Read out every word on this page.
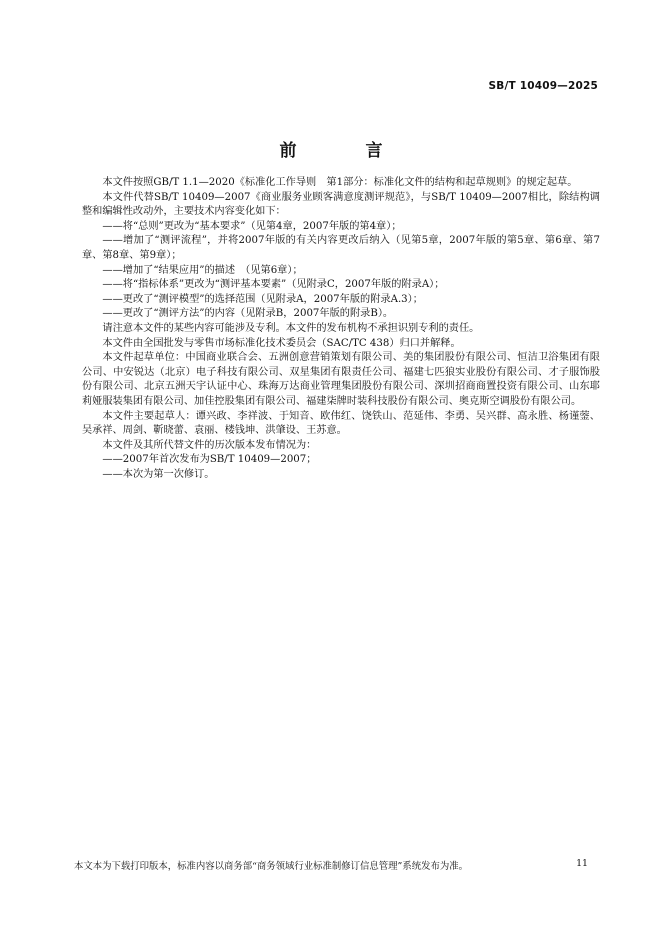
SB/T 10409—2025
前　言

本文件按照GB/T 1.1—2020《标准化工作导则　第1部分：标准化文件的结构和起草规则》的规定起草。

本文件代替SB/T 10409—2007《商业服务业顾客满意度测评规范》，与SB/T 10409—2007相比，除结构调整和编辑性改动外，主要技术内容变化如下：

——将“总则”更改为“基本要求”（见第4章，2007年版的第4章）；

——增加了“测评流程”，并将2007年版的有关内容更改后纳入（见第5章，2007年版的第5章、第6章、第7章、第8章、第9章）；

——增加了“结果应用”的描述　（见第6章）；

——将“指标体系”更改为“测评基本要素”（见附录C，2007年版的附录A）；

——更改了“测评模型”的选择范围（见附录A，2007年版的附录A.3）；

——更改了“测评方法”的内容（见附录B，2007年版的附录B）。

请注意本文件的某些内容可能涉及专利。本文件的发布机构不承担识别专利的责任。

本文件由全国批发与零售市场标准化技术委员会（SAC/TC 438）归口并解释。

本文件起草单位：中国商业联合会、五洲创意营销策划有限公司、美的集团股份有限公司、恒洁卫浴集团有限公司、中安锐达（北京）电子科技有限公司、双星集团有限责任公司、福建七匹狼实业股份有限公司、才子服饰股份有限公司、北京五洲天宇认证中心、珠海万达商业管理集团股份有限公司、深圳招商商置投资有限公司、山东耶莉娅服装集团有限公司、加佳控股集团有限公司、福建柒牌时装科技股份有限公司、奥克斯空调股份有限公司。

本文件主要起草人：谭兴政、李祥波、于知音、欧伟红、饶铁山、范延伟、李勇、吴兴群、高永胜、杨谨蓥、吴承祥、周剑、靳晓蕾、袁丽、楼钱坤、洪肇设、王苏意。

本文件及其所代替文件的历次版本发布情况为：

——2007年首次发布为SB/T 10409—2007；

——本次为第一次修订。

本文本为下载打印版本，标准内容以商务部“商务领域行业标准制修订信息管理”系统发布为准。	11
